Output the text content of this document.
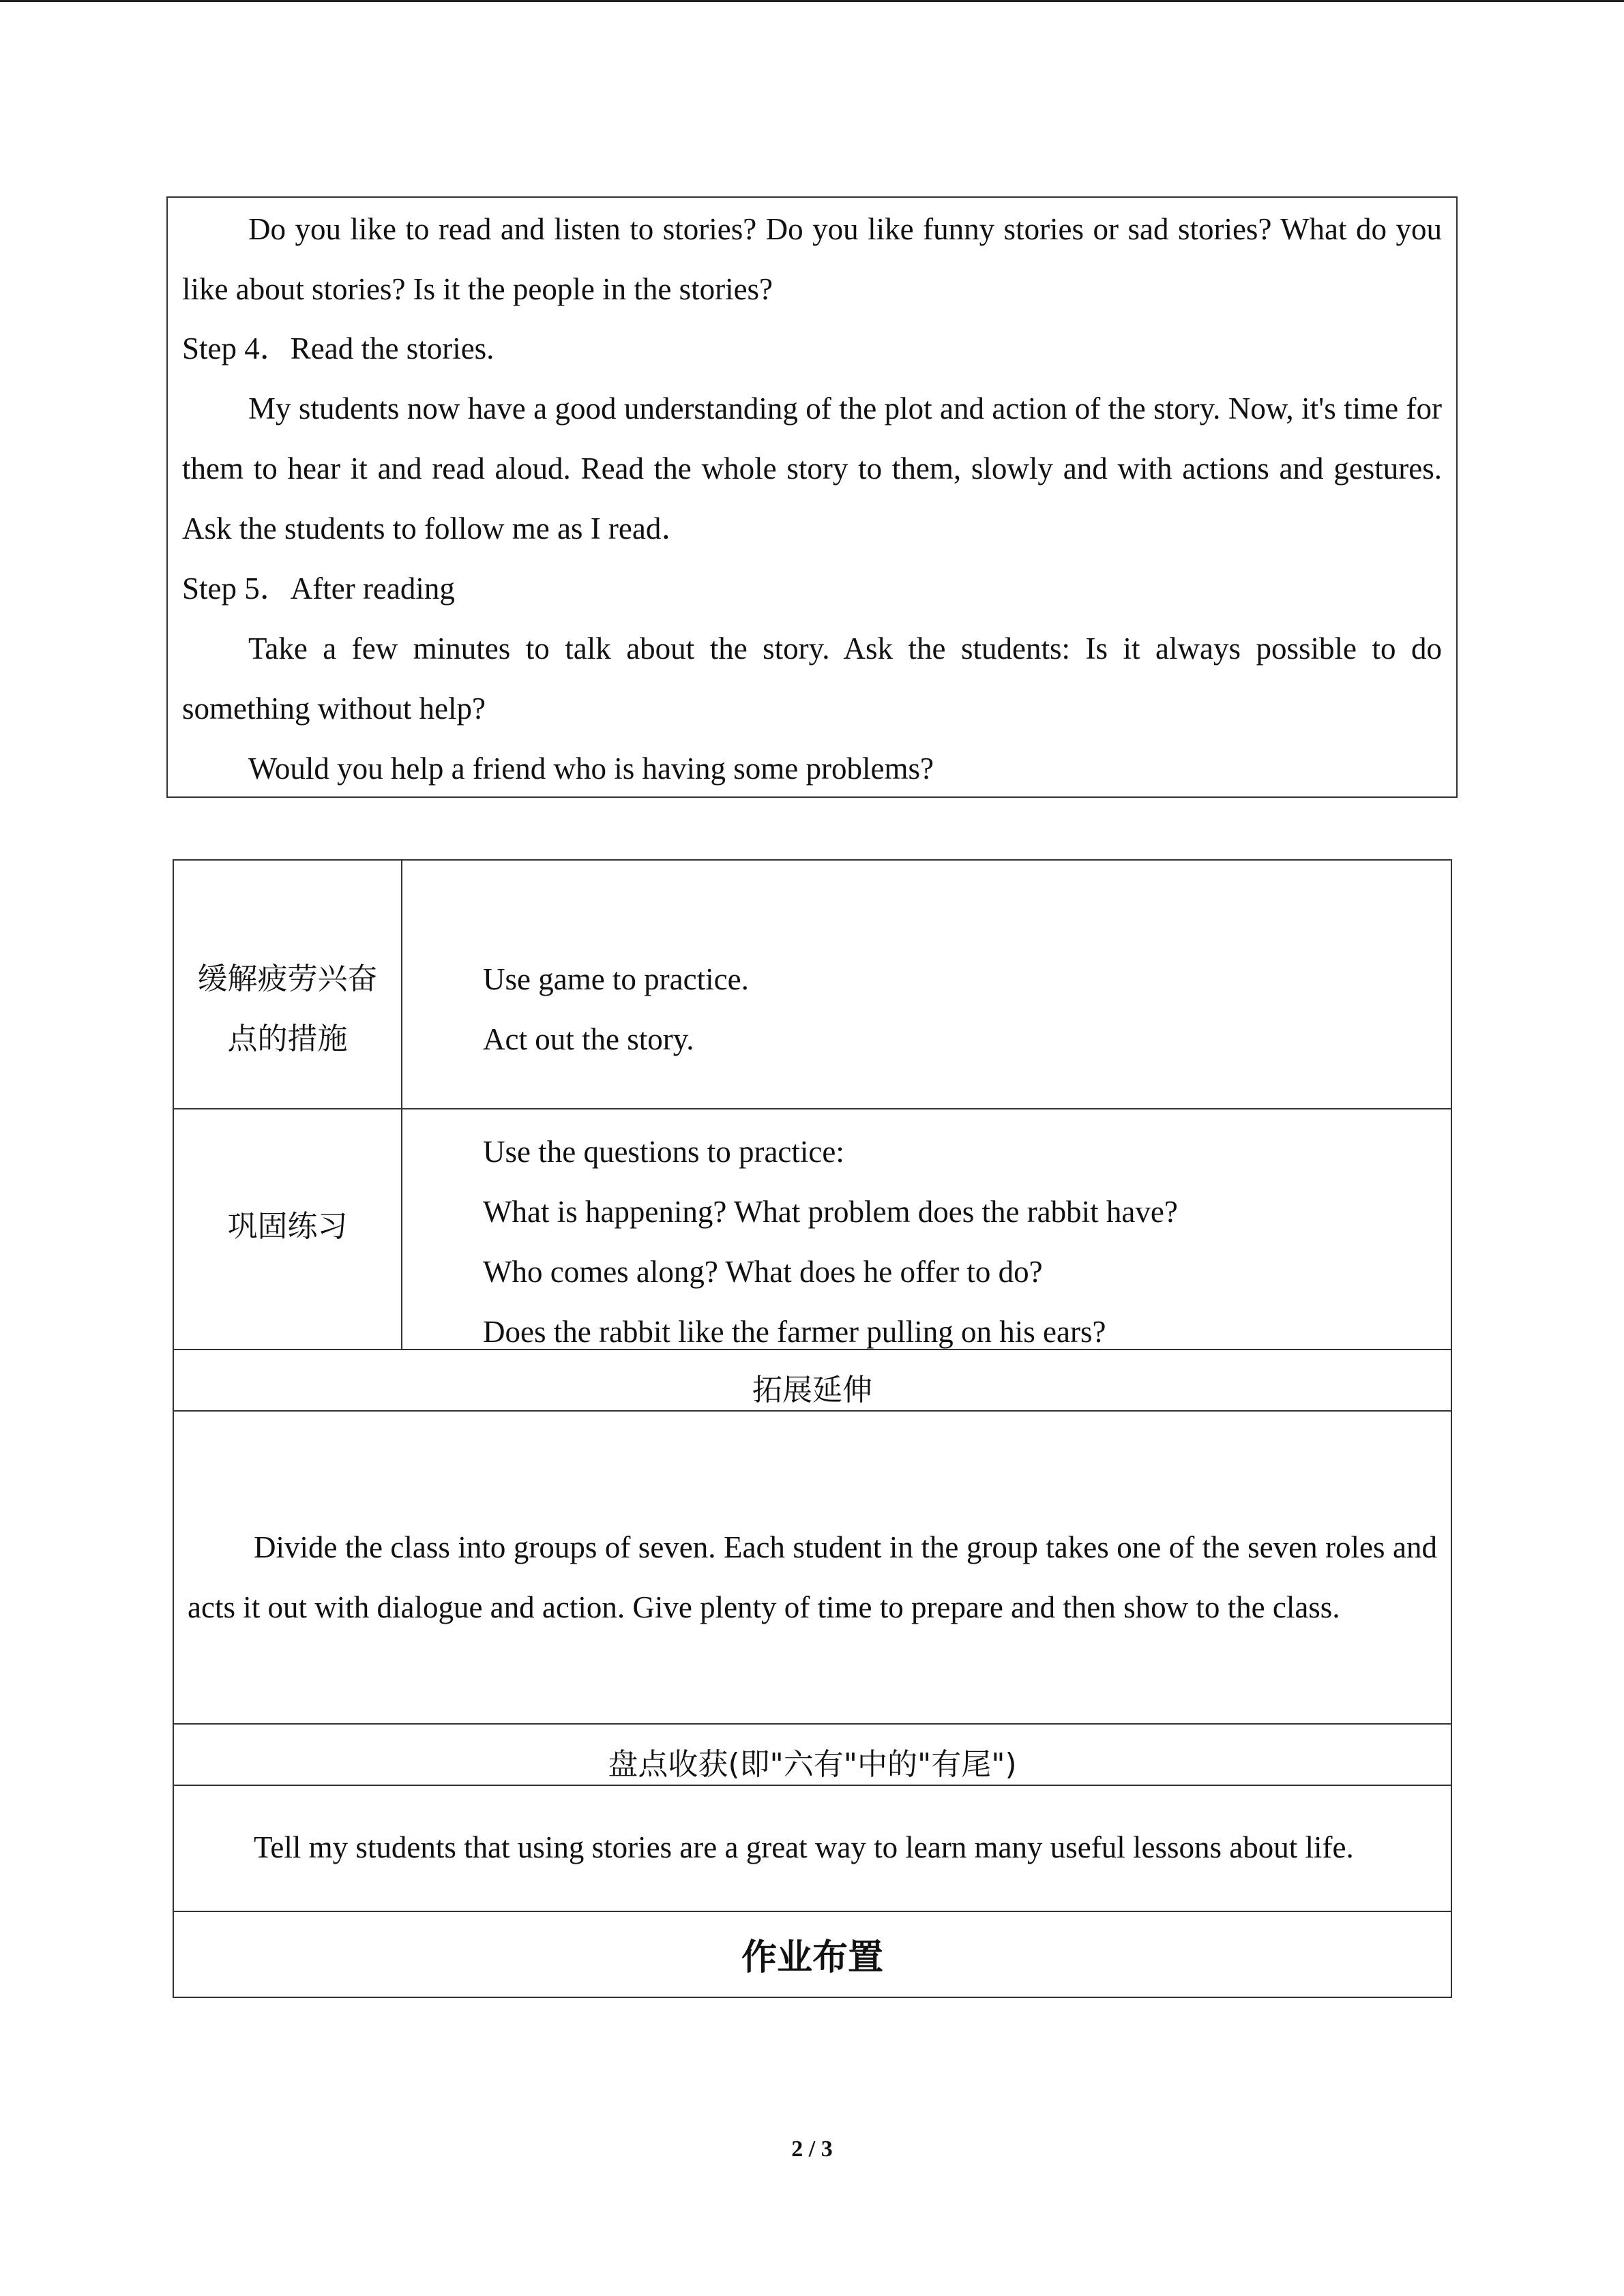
Do you like to read and listen to stories? Do you like funny stories or sad stories? What do you like about stories? Is it the people in the stories?

Step 4．Read the stories.

My students now have a good understanding of the plot and action of the story. Now, it's time for them to hear it and read aloud. Read the whole story to them, slowly and with actions and gestures. Ask the students to follow me as I read．

Step 5．After reading

Take a few minutes to talk about the story. Ask the students: Is it always possible to do something without help?

Would you help a friend who is having some problems?

缓解疲劳兴奋
点的措施
Use game to practice.
Act out the story.
巩固练习
Use the questions to practice:
What is happening? What problem does the rabbit have?
Who comes along? What does he offer to do?
Does the rabbit like the farmer pulling on his ears?
拓展延伸
Divide the class into groups of seven. Each student in the group takes one of the seven roles and acts it out with dialogue and action. Give plenty of time to prepare and then show to the class.
盘点收获(即"六有"中的"有尾")
Tell my students that using stories are a great way to learn many useful lessons about life.
作业布置
2 / 3
